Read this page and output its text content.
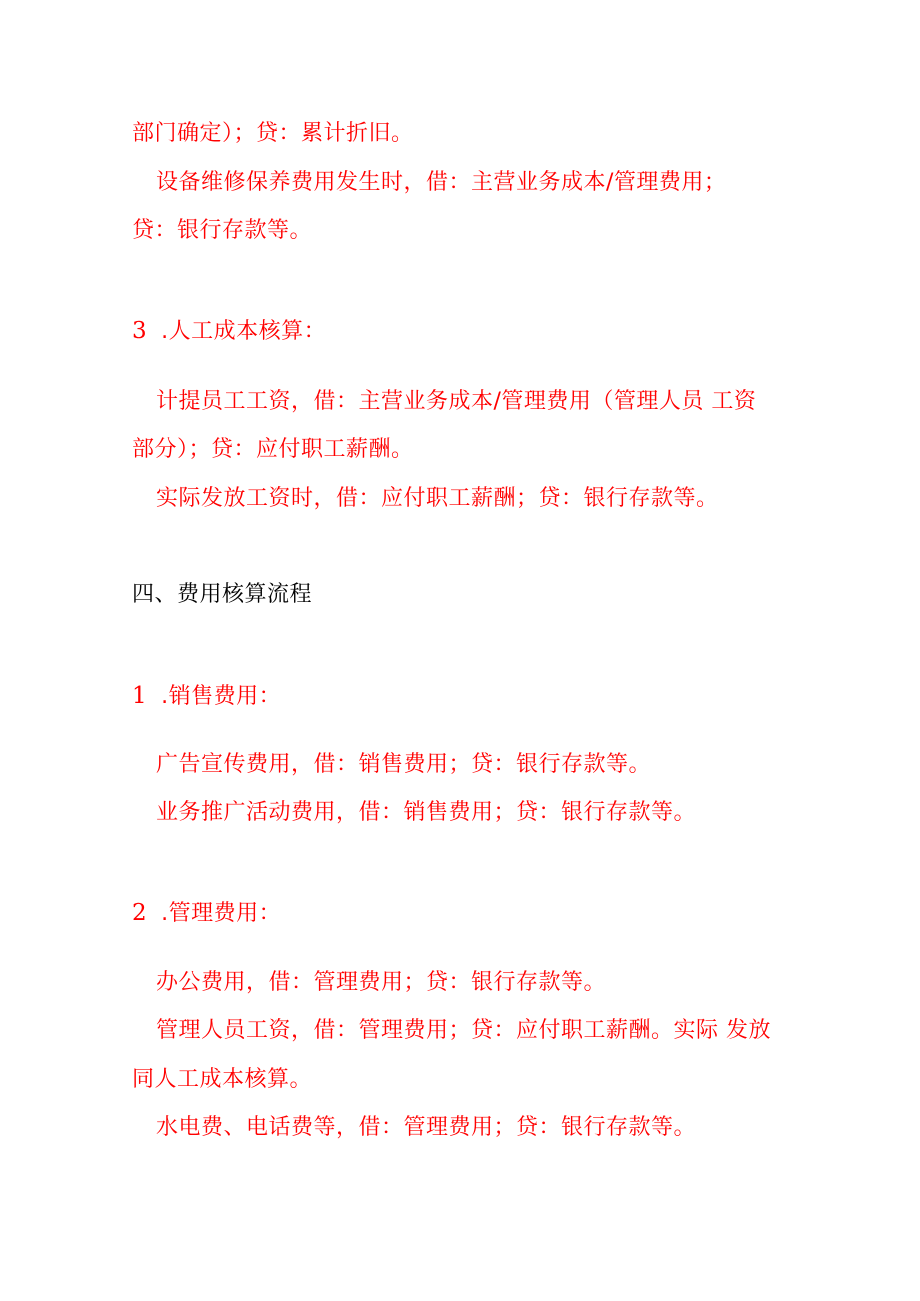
部门确定）；贷：累计折旧。
设备维修保养费用发生时，借：主营业务成本/管理费用；
贷：银行存款等。
3 .人工成本核算：
计提员工工资，借：主营业务成本/管理费用（管理人员 工资
部分）；贷：应付职工薪酬。
实际发放工资时，借：应付职工薪酬；贷：银行存款等。
四、费用核算流程
1 .销售费用：
广告宣传费用，借：销售费用；贷：银行存款等。
业务推广活动费用，借：销售费用；贷：银行存款等。
2 .管理费用：
办公费用，借：管理费用；贷：银行存款等。
管理人员工资，借：管理费用；贷：应付职工薪酬。实际 发放
同人工成本核算。
水电费、电话费等，借：管理费用；贷：银行存款等。
